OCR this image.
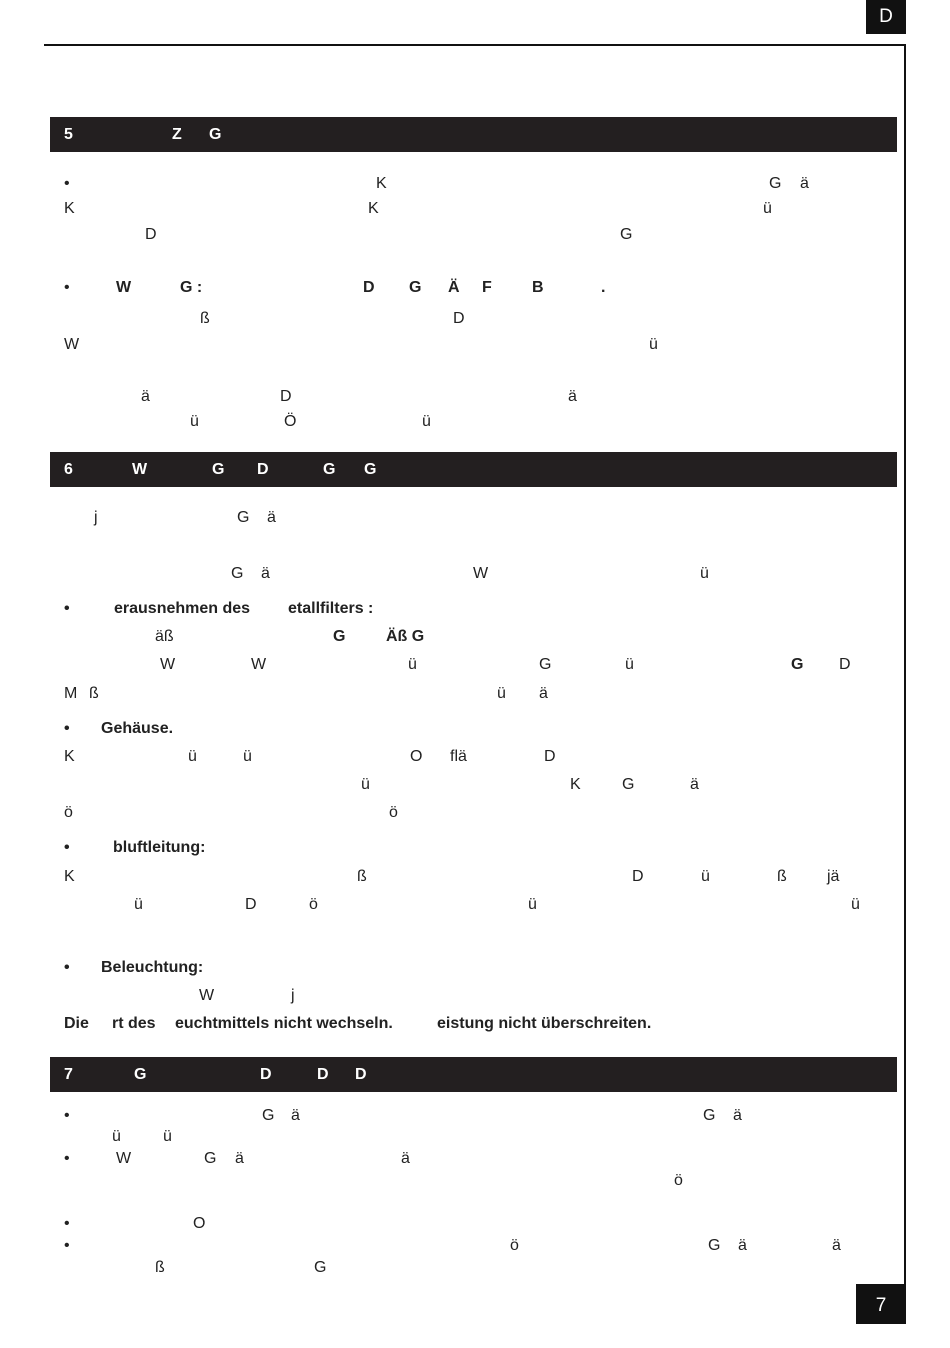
D
7
5	Z G
6	W	G D	G G
7	G	D	D D
•	K	G ä
K	K	ü
D	G
•	W	G :	D G Ä F	B	.
ß	D
W	ü
ä	D	ä
ü	Ö	ü
j	G ä
G ä	W	ü
•	erausnehmen des etallfilters :
äß	G	Äß G
W	W	ü	G	ü	G D
M ß	ü ä
• Gehäuse.
K	ü	ü	O flä	D
ü	K	G	ä
ö	ö
•	bluftleitung:
K	ß	D	ü	ß	jä
ü	D	ö	ü	ü
• Beleuchtung:
W	j
Die rt des euchtmittels nicht wechseln.	eistung nicht überschreiten.
•	G ä	G ä
ü	ü
•	W	G ä	ä
ö
•	O
•	ö	G ä	ä
ß	G
